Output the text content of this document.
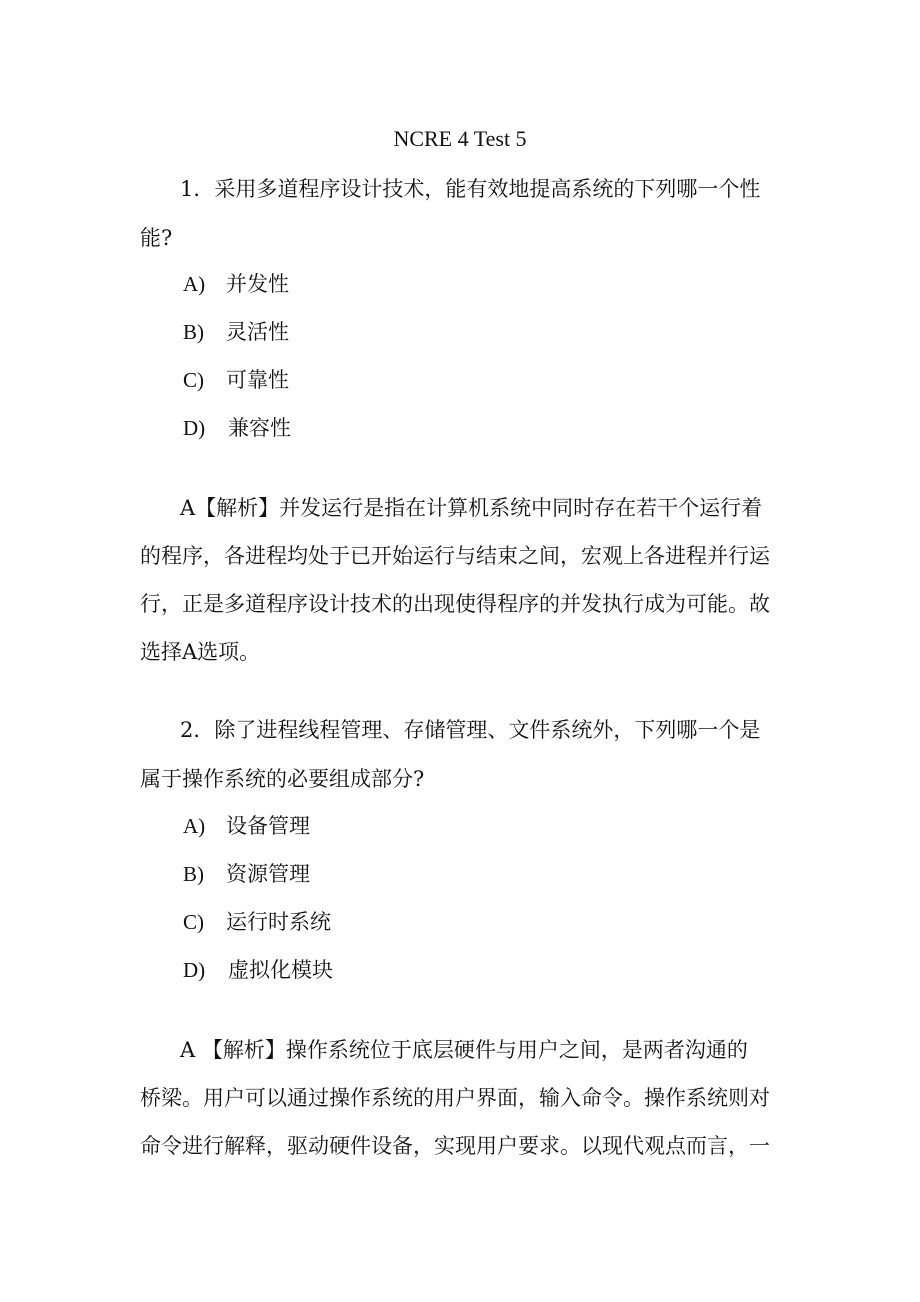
NCRE 4 Test 5
1．采用多道程序设计技术，能有效地提高系统的下列哪一个性
能?
A) 并发性
B) 灵活性
C) 可靠性
D) 兼容性
A【解析】并发运行是指在计算机系统中同时存在若干个运行着
的程序，各进程均处于已开始运行与结束之间，宏观上各进程并行运
行，正是多道程序设计技术的出现使得程序的并发执行成为可能。故
选择A选项。
2．除了进程线程管理、存储管理、文件系统外，下列哪一个是
属于操作系统的必要组成部分?
A) 设备管理
B) 资源管理
C) 运行时系统
D) 虚拟化模块
A 【解析】操作系统位于底层硬件与用户之间，是两者沟通的
桥梁。用户可以通过操作系统的用户界面，输入命令。操作系统则对
命令进行解释，驱动硬件设备，实现用户要求。以现代观点而言，一
